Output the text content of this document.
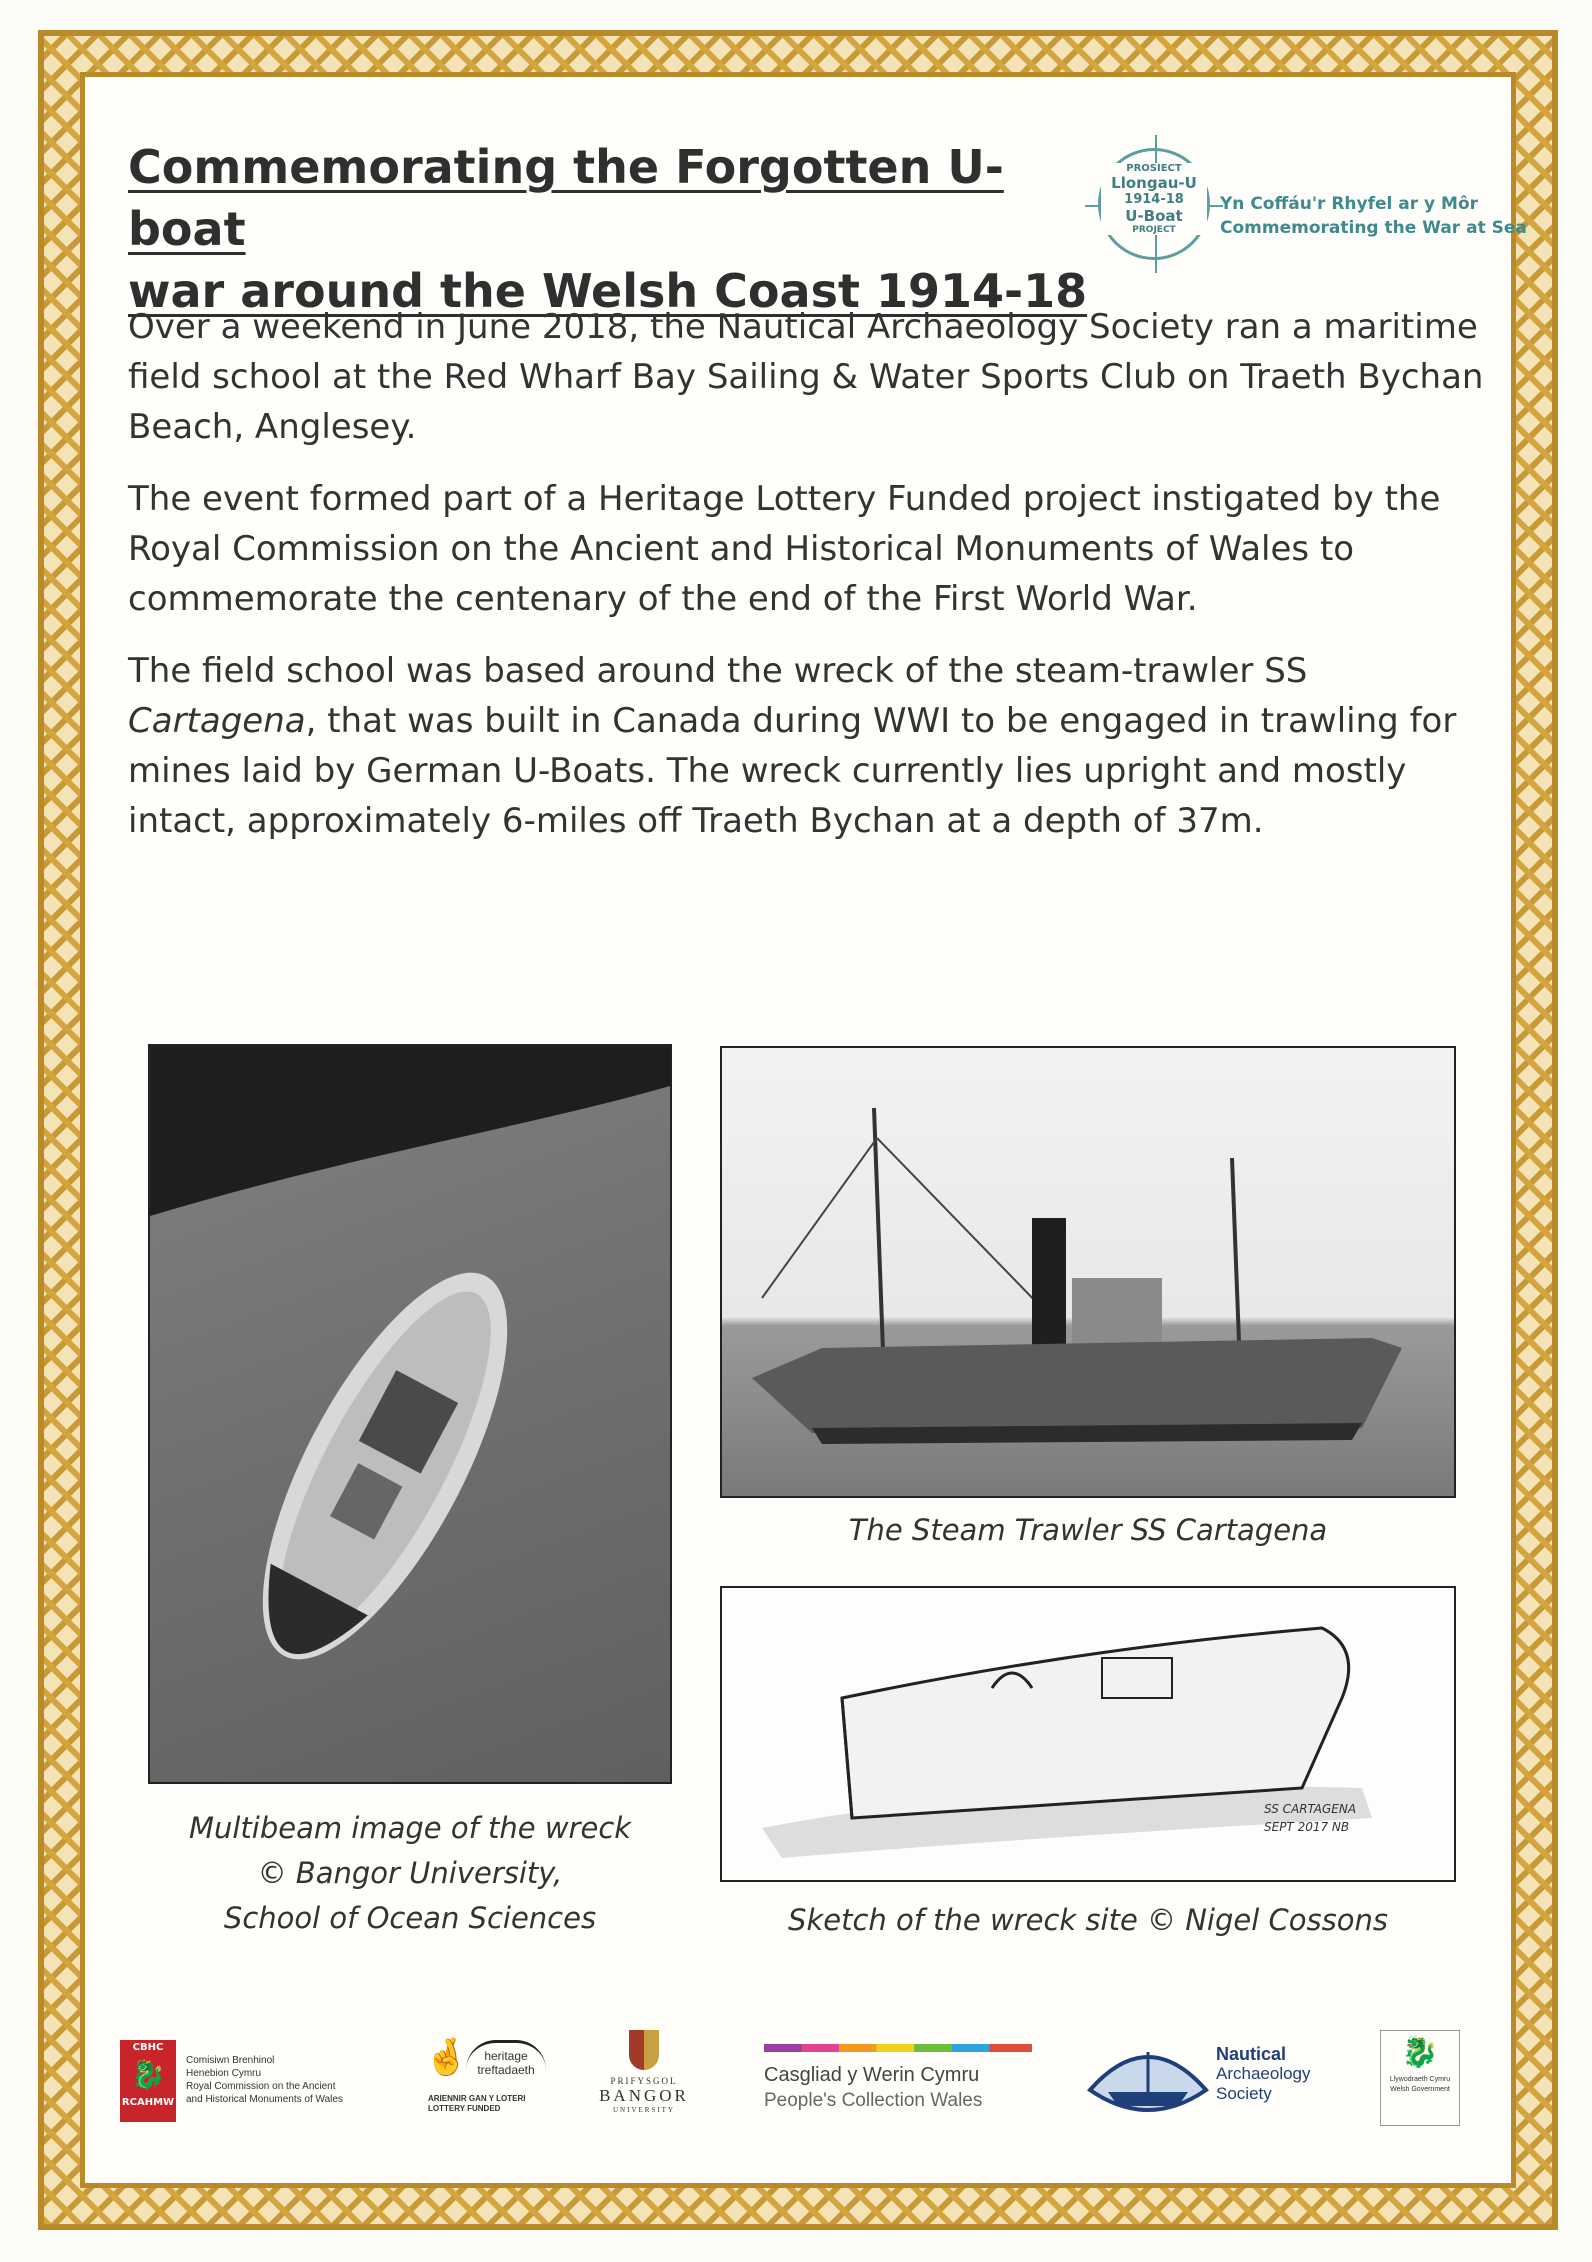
Commemorating the Forgotten U-boat
war around the Welsh Coast 1914-18
PROSIECT
Llongau-U
1914-18
U-Boat
PROJECT
Yn Coffáu'r Rhyfel ar y Môr
Commemorating the War at Sea

Over a weekend in June 2018, the Nautical Archaeology Society ran a maritime field school at the Red Wharf Bay Sailing & Water Sports Club on Traeth Bychan Beach, Anglesey.

The event formed part of a Heritage Lottery Funded project instigated by the Royal Commission on the Ancient and Historical Monuments of Wales to commemorate the centenary of the end of the First World War.

The field school was based around the wreck of the steam-trawler SS Cartagena, that was built in Canada during WWI to be engaged in trawling for mines laid by German U-Boats. The wreck currently lies upright and mostly intact, approximately 6-miles off Traeth Bychan at a depth of 37m.

Multibeam image of the wreck
© Bangor University,
School of Ocean Sciences
The Steam Trawler SS Cartagena
SS CARTAGENA
SEPT 2017 NB
Sketch of the wreck site © Nigel Cossons
CBHC
🐉
RCAHMW
Comisiwn Brenhinol
Henebion Cymru
Royal Commission on the Ancient
and Historical Monuments of Wales
🤞	heritage
treftadaeth
ARIENNIR GAN Y LOTERI
LOTTERY FUNDED
PRIFYSGOL
BANGOR
UNIVERSITY
Casgliad y Werin Cymru
People's Collection Wales
Nautical
Archaeology
Society
🐉
Llywodraeth Cymru
Welsh Government
